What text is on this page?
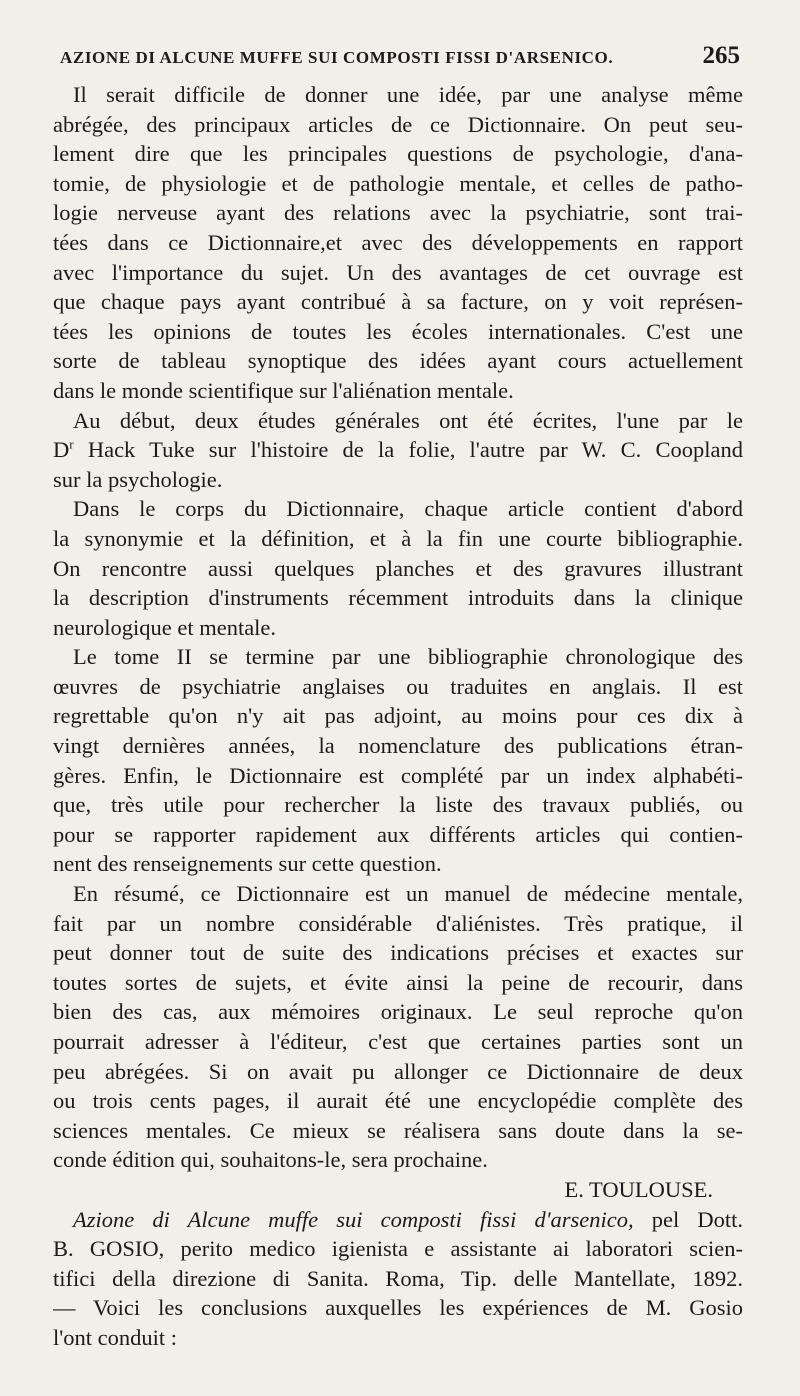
AZIONE DI ALCUNE MUFFE SUI COMPOSTI FISSI D'ARSENICO.	265
Il serait difficile de donner une idée, par une analyse même
abrégée, des principaux articles de ce Dictionnaire. On peut seu-
lement dire que les principales questions de psychologie, d'ana-
tomie, de physiologie et de pathologie mentale, et celles de patho-
logie nerveuse ayant des relations avec la psychiatrie, sont trai-
tées dans ce Dictionnaire,et avec des développements en rapport
avec l'importance du sujet. Un des avantages de cet ouvrage est
que chaque pays ayant contribué à sa facture, on y voit représen-
tées les opinions de toutes les écoles internationales. C'est une
sorte de tableau synoptique des idées ayant cours actuellement
dans le monde scientifique sur l'aliénation mentale.
Au début, deux études générales ont été écrites, l'une par le
$D^r$ Hack Tuke sur l'histoire de la folie, l'autre par W. C. Coopland
sur la psychologie.
Dans le corps du Dictionnaire, chaque article contient d'abord
la synonymie et la définition, et à la fin une courte bibliographie.
On rencontre aussi quelques planches et des gravures illustrant
la description d'instruments récemment introduits dans la clinique
neurologique et mentale.
Le tome II se termine par une bibliographie chronologique des
œuvres de psychiatrie anglaises ou traduites en anglais. Il est
regrettable qu'on n'y ait pas adjoint, au moins pour ces dix à
vingt dernières années, la nomenclature des publications étran-
gères. Enfin, le Dictionnaire est complété par un index alphabéti-
que, très utile pour rechercher la liste des travaux publiés, ou
pour se rapporter rapidement aux différents articles qui contien-
nent des renseignements sur cette question.
En résumé, ce Dictionnaire est un manuel de médecine mentale,
fait par un nombre considérable d'aliénistes. Très pratique, il
peut donner tout de suite des indications précises et exactes sur
toutes sortes de sujets, et évite ainsi la peine de recourir, dans
bien des cas, aux mémoires originaux. Le seul reproche qu'on
pourrait adresser à l'éditeur, c'est que certaines parties sont un
peu abrégées. Si on avait pu allonger ce Dictionnaire de deux
ou trois cents pages, il aurait été une encyclopédie complète des
sciences mentales. Ce mieux se réalisera sans doute dans la se-
conde édition qui, souhaitons-le, sera prochaine.
E. TOULOUSE.
Azione di Alcune muffe sui composti fissi d'arsenico, pel Dott.
B. GOSIO, perito medico igienista e assistante ai laboratori scien-
tifici della direzione di Sanita. Roma, Tip. delle Mantellate, 1892.
— Voici les conclusions auxquelles les expériences de M. Gosio
l'ont conduit :
